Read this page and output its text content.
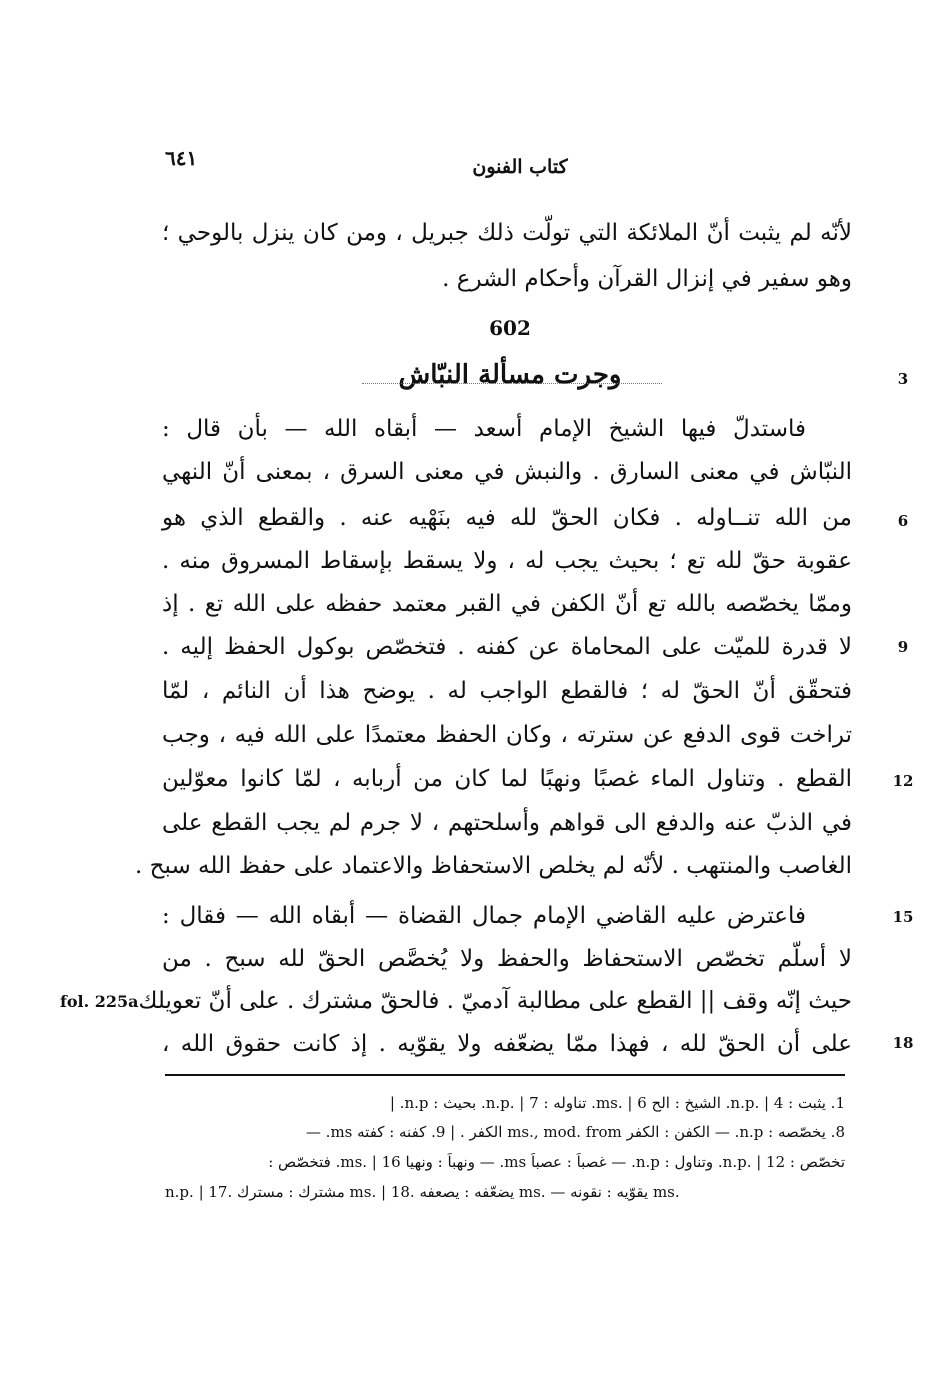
٦٤١	كتاب الفنون
لأنّه لم يثبت أنّ الملائكة التي تولّت ذلك جبريل ، ومن كان ينزل بالوحي ؛
وهو سفير في إنزال القرآن وأحكام الشرع .
602
وجرت مسألة النبّاش
فاستدلّ فيها الشيخ الإمام أسعد — أبقاه الله — بأن قال :
النبّاش في معنى السارق . والنبش في معنى السرق ، بمعنى أنّ النهي
من الله تنــاوله . فكان الحقّ لله فيه بنَهْيه عنه . والقطع الذي هو
عقوبة حقّ لله تع ؛ بحيث يجب له ، ولا يسقط بإسقاط المسروق منه .
وممّا يخصّصه بالله تع أنّ الكفن في القبر معتمد حفظه على الله تع . إذ
لا قدرة للميّت على المحاماة عن كفنه . فتخصّص بوكول الحفظ إليه .
فتحقّق أنّ الحقّ له ؛ فالقطع الواجب له . يوضح هذا أن النائم ، لمّا
تراخت قوى الدفع عن سترته ، وكان الحفظ معتمدًا على الله فيه ، وجب
القطع . وتناول الماء غصبًا ونهبًا لما كان من أربابه ، لمّا كانوا معوّلين
في الذبّ عنه والدفع الى قواهم وأسلحتهم ، لا جرم لم يجب القطع على
الغاصب والمنتهب . لأنّه لم يخلص الاستحفاظ والاعتماد على حفظ الله سبح .
فاعترض عليه القاضي الإمام جمال القضاة — أبقاه الله — فقال :
لا أسلّم تخصّص الاستحفاظ والحفظ ولا يُخصَّص الحقّ لله سبح . من
حيث إنّه وقف || القطع على مطالبة آدميّ . فالحقّ مشترك . على أنّ تعويلك
على أن الحقّ لله ، فهذا ممّا يضعّفه ولا يقوّيه . إذ كانت حقوق الله ،
3
6
9
12
15
18
fol. 225a
1. يثبت : n.p. | 4. الشيخ : الح ms. | 6. تناوله : n.p. | 7. بحيث : n.p. |
8. يخصّصه : n.p. — الكفن : الكفر ms., mod. from الكفر . | 9. كفنه : كفته ms. —
تخصّص : n.p. | 12. وتناول : n.p. — غصباً : عصباً ms. — ونهباً : ونهيا ms. | 16. فتخصّص :
n.p. | 17. مشترك : مسترك ms. | 18. يضعّفه : يصعفه ms. — يقوّيه : نقونه ms.
